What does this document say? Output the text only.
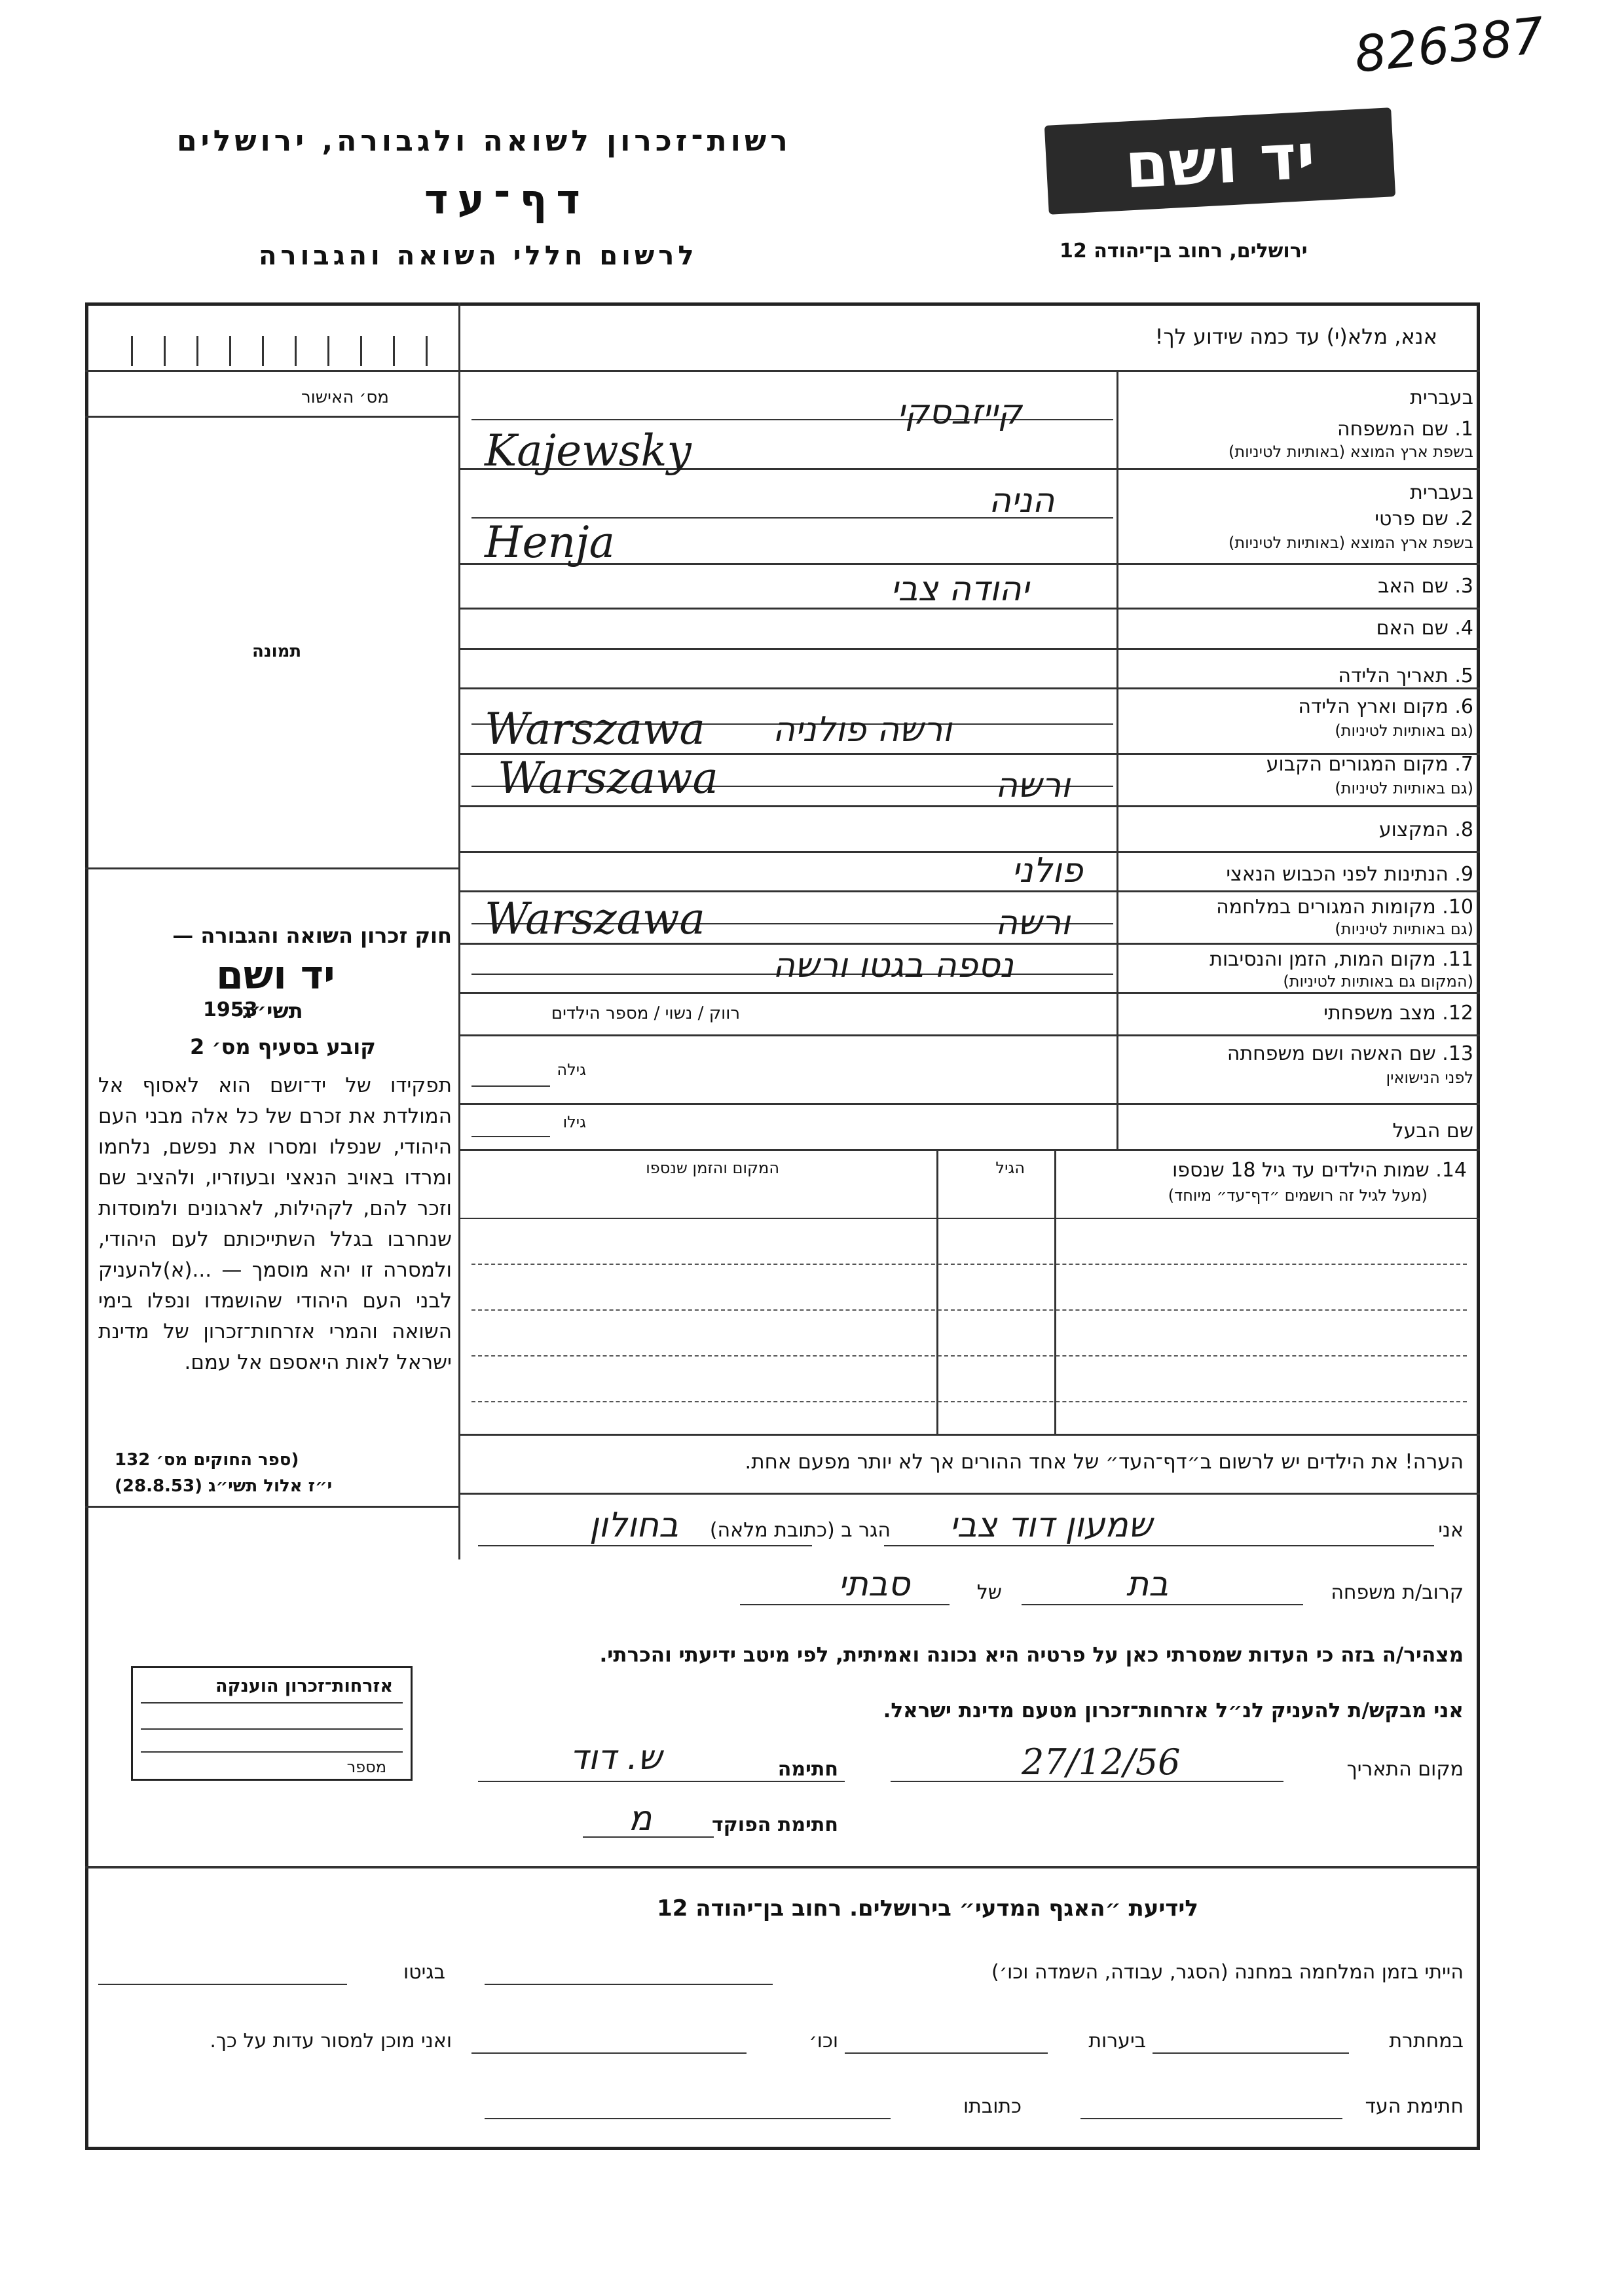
826387
רשות־זכרון לשואה ולגבורה, ירושלים
דף־עד
לרשום חללי השואה והגבורה
יד ושם
ירושלים, רחוב בן־יהודה 12
אנא, מלא(י) עד כמה שידוע לך!
מס׳ האישור
תמונה
בעברית
1. שם המשפחה
בשפת ארץ המוצא (באותיות לטיניות)
בעברית
2. שם פרטי
בשפת ארץ המוצא (באותיות לטיניות)
3. שם האב
4. שם האם
5. תאריך הלידה
6. מקום וארץ הלידה
(גם באותיות לטיניות)
7. מקום המגורים הקבוע
(גם באותיות לטיניות)
8. המקצוע
9. הנתינות לפני הכבוש הנאצי
10. מקומות המגורים במלחמה
(גם באותיות לטיניות)
11. מקום המות, הזמן והנסיבות
(המקום גם באותיות לטיניות)
12. מצב משפחתי
רווק / נשוי / מספר הילדים
13. שם האשה ושם משפחתה
לפני הנישואין
גילה
שם הבעל
גילו
14. שמות הילדים עד גיל 18 שנספו
(מעל לגיל זה רושמים ״דף־עד״ מיוחד)
הגיל
המקום והזמן שנספו
הערה! את הילדים יש לרשום ב״דף־העד״ של אחד ההורים אך לא יותר מפעם אחת.
חוק זכרון השואה והגבורה —
יד ושם
תשי״ג
1953
קובע בסעיף מס׳ 2
תפקידו של יד־ושם הוא לאסוף אל המולדת את זכרם של כל אלה מבני העם היהודי, שנפלו ומסרו את נפשם, נלחמו ומרדו באויב הנאצי ובעוזריו, ולהציב שם וזכר להם, לקהילות, לארגונים ולמוסדות שנחרבו בגלל השתייכותם לעם היהודי, ולמסרה זו יהא מוסמך — ...(א)להעניק לבני העם היהודי שהושמדו ונפלו בימי השואה והמרי אזרחות־זכרון של מדינת ישראל לאות היאספם אל עמם.
(ספר החוקים מס׳ 132
י״ז אלול תשי״ג (28.8.53)
אני
הגר ב (כתובת מלאה)
קרוב/ת משפחה
של
מצהיר/ה בזה כי העדות שמסרתי כאן על פרטיה היא נכונה ואמיתית, לפי מיטב ידיעתי והכרתי.
אני מבקש/ת להעניק לנ״ל אזרחות־זכרון מטעם מדינת ישראל.
מקום התאריך
חתימה
חתימת הפוקד
קייזבסקי
Kajewsky
הניה
Henja
יהודה צבי
ורשה פולניה
Warszawa
ורשה
Warszawa
פולני
ורשה
Warszawa
נספה בגטו ורשה
שמעון דוד צבי
בחולון
בת
סבתי
27/12/56
ש. דוד
מ
אזרחות־זכרון הוענקה
מספר
לידיעת ״האגף המדעי״ בירושלים. רחוב בן־יהודה 12
הייתי בזמן המלחמה במחנה (הסגר, עבודה, השמדה וכו׳)
בגיטו
במחתרת
ביערות
וכו׳
ואני מוכן למסור עדות על כך.
חתימת העד
כתובתו
